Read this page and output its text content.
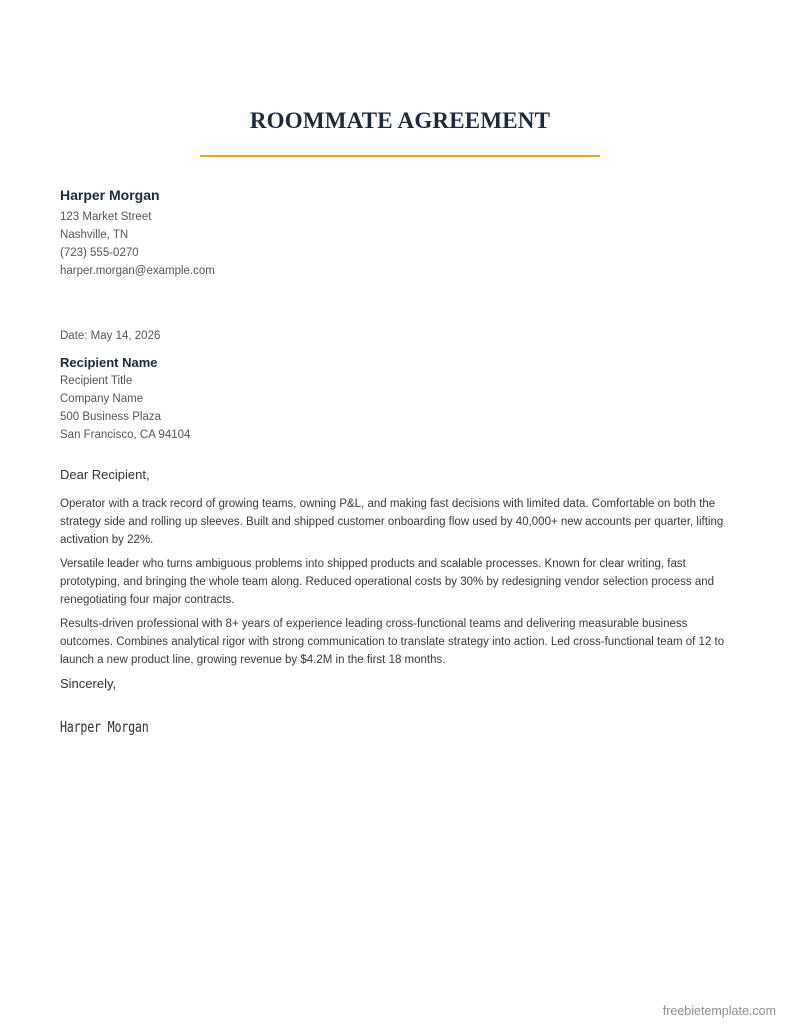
ROOMMATE AGREEMENT
Harper Morgan
123 Market Street
Nashville, TN
(723) 555-0270
harper.morgan@example.com
Date: May 14, 2026
Recipient Name
Recipient Title
Company Name
500 Business Plaza
San Francisco, CA 94104
Dear Recipient,

Operator with a track record of growing teams, owning P&L, and making fast decisions with limited data. Comfortable on both the strategy side and rolling up sleeves. Built and shipped customer onboarding flow used by 40,000+ new accounts per quarter, lifting activation by 22%.

Versatile leader who turns ambiguous problems into shipped products and scalable processes. Known for clear writing, fast prototyping, and bringing the whole team along. Reduced operational costs by 30% by redesigning vendor selection process and renegotiating four major contracts.

Results-driven professional with 8+ years of experience leading cross-functional teams and delivering measurable business outcomes. Combines analytical rigor with strong communication to translate strategy into action. Led cross-functional team of 12 to launch a new product line, growing revenue by $4.2M in the first 18 months.

Sincerely,
Harper Morgan
freebietemplate.com
